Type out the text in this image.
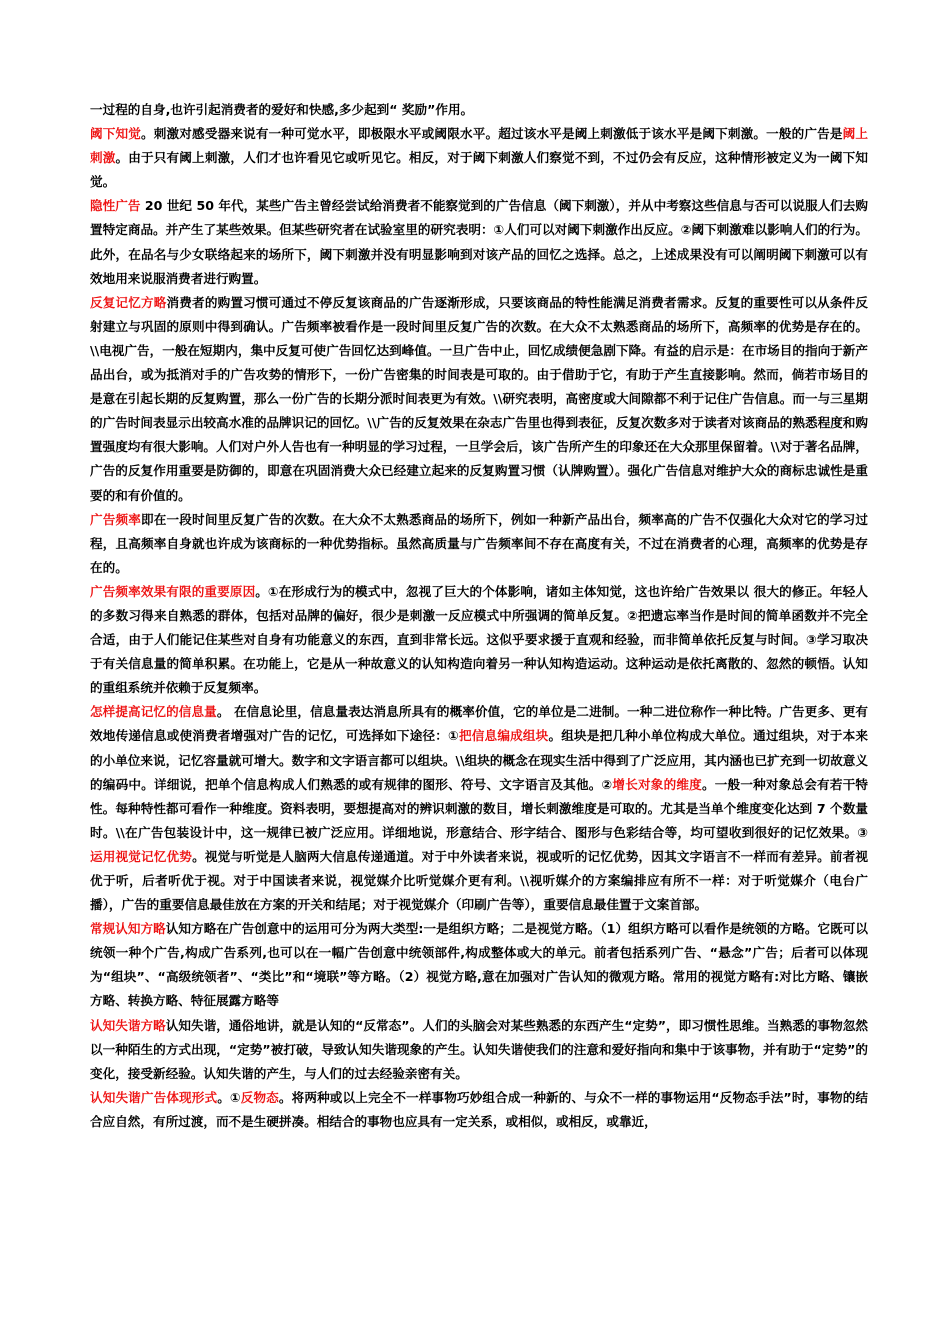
一过程的自身,也许引起消费者的爱好和快感,多少起到“ 奖励”作用。

阈下知觉。刺激对感受器来说有一种可觉水平，即极限水平或阈限水平。超过该水平是阈上刺激低于该水平是阈下刺激。一般的广告是阈上刺激。由于只有阈上刺激，人们才也许看见它或听见它。相反，对于阈下刺激人们察觉不到，不过仍会有反应，这种情形被定义为一阈下知觉。

隐性广告 20 世纪 50 年代，某些广告主曾经尝试给消费者不能察觉到的广告信息（阈下刺激），并从中考察这些信息与否可以说服人们去购置特定商品。并产生了某些效果。但某些研究者在试验室里的研究表明：①人们可以对阈下刺激作出反应。②阈下刺激难以影响人们的行为。此外，在品名与少女联络起来的场所下，阈下刺激并没有明显影响到对该产品的回忆之选择。总之，上述成果没有可以阐明阈下刺激可以有效地用来说服消费者进行购置。

反复记忆方略消费者的购置习惯可通过不停反复该商品的广告逐渐形成，只要该商品的特性能满足消费者需求。反复的重要性可以从条件反射建立与巩固的原则中得到确认。广告频率被看作是一段时间里反复广告的次数。在大众不太熟悉商品的场所下，高频率的优势是存在的。\\电视广告，一般在短期内，集中反复可使广告回忆达到峰值。一旦广告中止，回忆成绩便急剧下降。有益的启示是：在市场目的指向于新产品出台，或为抵消对手的广告攻势的情形下，一份广告密集的时间表是可取的。由于借助于它，有助于产生直接影响。然而，倘若市场目的是意在引起长期的反复购置，那么一份广告的长期分派时间表更为有效。\\研究表明，高密度或大间隙都不利于记住广告信息。而一与三星期的广告时间表显示出较高水准的品牌识记的回忆。\\广告的反复效果在杂志广告里也得到表征，反复次数多对于读者对该商品的熟悉程度和购置强度均有很大影响。人们对户外人告也有一种明显的学习过程，一旦学会后，该广告所产生的印象还在大众那里保留着。\\对于著名品牌，广告的反复作用重要是防御的，即意在巩固消费大众已经建立起来的反复购置习惯（认牌购置）。强化广告信息对维护大众的商标忠诚性是重要的和有价值的。

广告频率即在一段时间里反复广告的次数。在大众不太熟悉商品的场所下，例如一种新产品出台，频率高的广告不仅强化大众对它的学习过程，且高频率自身就也许成为该商标的一种优势指标。虽然高质量与广告频率间不存在高度有关，不过在消费者的心理，高频率的优势是存在的。

广告频率效果有限的重要原因。①在形成行为的模式中，忽视了巨大的个体影响，诸如主体知觉，这也许给广告效果以 很大的修正。年轻人的多数习得来自熟悉的群体，包括对品牌的偏好，很少是刺激一反应模式中所强调的简单反复。②把遗忘率当作是时间的简单函数并不完全合适，由于人们能记住某些对自身有功能意义的东西，直到非常长远。这似乎要求援于直观和经验，而非简单依托反复与时间。③学习取决于有关信息量的简单积累。在功能上，它是从一种故意义的认知构造向着另一种认知构造运动。这种运动是依托离散的、忽然的顿悟。认知的重组系统并依赖于反复频率。

怎样提高记忆的信息量。 在信息论里，信息量表达消息所具有的概率价值，它的单位是二进制。一种二进位称作一种比特。广告更多、更有效地传递信息或使消费者增强对广告的记忆，可选择如下途径：①把信息编成组块。组块是把几种小单位构成大单位。通过组块，对于本来的小单位来说，记忆容量就可增大。数字和文字语言都可以组块。\\组块的概念在现实生活中得到了广泛应用，其内涵也已扩充到一切故意义的编码中。详细说，把单个信息构成人们熟悉的或有规律的图形、符号、文字语言及其他。②增长对象的维度。一般一种对象总会有若干特性。每种特性都可看作一种维度。资料表明，要想提高对的辨识刺激的数目，增长刺激维度是可取的。尤其是当单个维度变化达到 7 个数量时。\\在广告包装设计中，这一规律已被广泛应用。详细地说，形意结合、形字结合、图形与色彩结合等，均可望收到很好的记忆效果。③ 运用视觉记忆优势。视觉与听觉是人脑两大信息传递通道。对于中外读者来说，视或听的记忆优势，因其文字语言不一样而有差异。前者视优于听，后者听优于视。对于中国读者来说，视觉媒介比听觉媒介更有利。\\视听媒介的方案编排应有所不一样：对于听觉媒介（电台广播），广告的重要信息最佳放在方案的开关和结尾；对于视觉媒介（印刷广告等），重要信息最佳置于文案首部。

常规认知方略认知方略在广告创意中的运用可分为两大类型:一是组织方略；二是视觉方略。（1）组织方略可以看作是统领的方略。它既可以统领一种个广告,构成广告系列,也可以在一幅广告创意中统领部件,构成整体或大的单元。前者包括系列广告、“悬念”广告；后者可以体现为“组块”、“高级统领者”、“类比”和“境联”等方略。（2）视觉方略,意在加强对广告认知的微观方略。常用的视觉方略有:对比方略、镶嵌方略、转换方略、特征展露方略等

认知失谐方略认知失谐，通俗地讲，就是认知的“反常态”。人们的头脑会对某些熟悉的东西产生“定势”，即习惯性思维。当熟悉的事物忽然以一种陌生的方式出现，“定势”被打破，导致认知失谐现象的产生。认知失谐使我们的注意和爱好指向和集中于该事物，并有助于“定势”的变化，接受新经验。认知失谐的产生，与人们的过去经验亲密有关。

认知失谐广告体现形式。①反物态。将两种或以上完全不一样事物巧妙组合成一种新的、与众不一样的事物运用“反物态手法”时，事物的结合应自然，有所过渡，而不是生硬拼凑。相结合的事物也应具有一定关系，或相似，或相反，或靠近，
